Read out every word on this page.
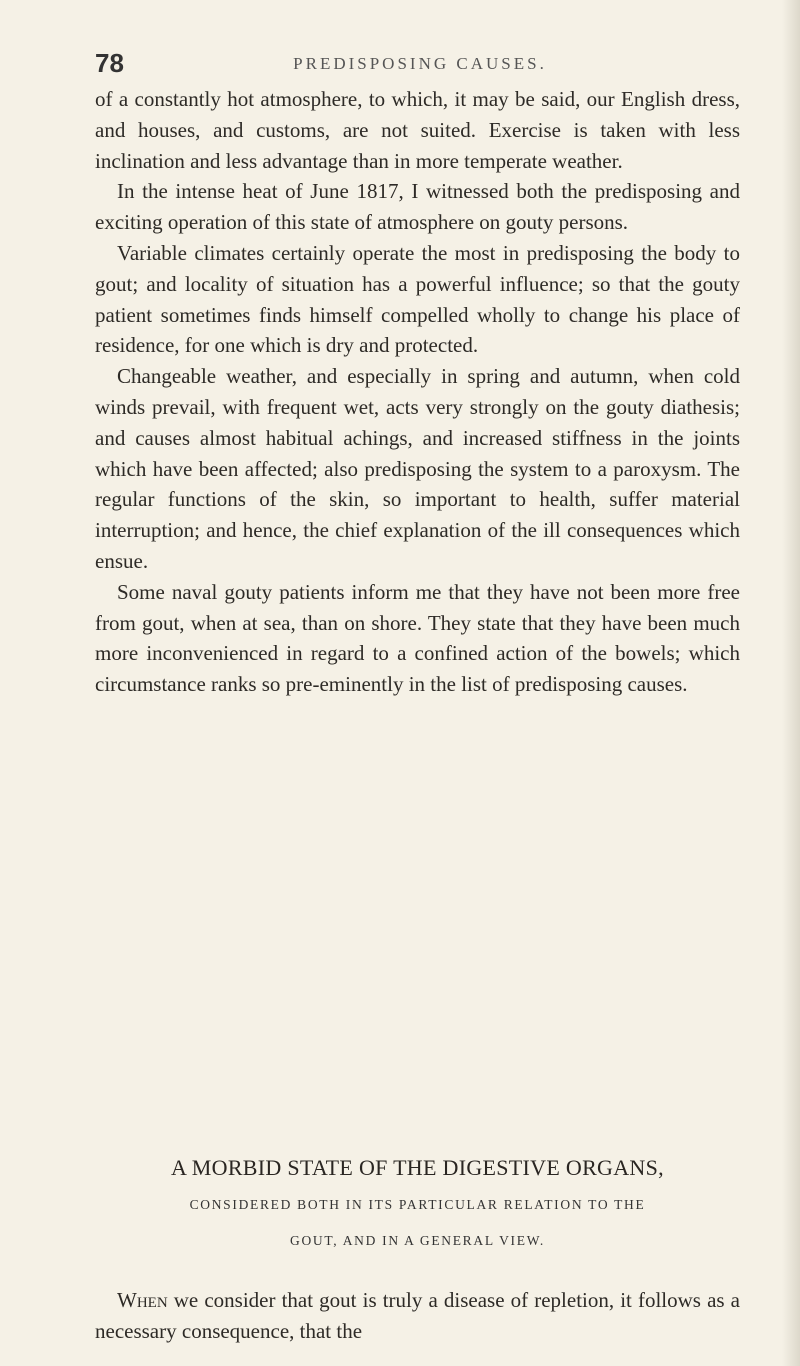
78	PREDISPOSING CAUSES.

of a constantly hot atmosphere, to which, it may be said, our English dress, and houses, and customs, are not suited. Exercise is taken with less inclination and less advantage than in more temperate weather.

In the intense heat of June 1817, I witnessed both the predisposing and exciting operation of this state of atmosphere on gouty persons.

Variable climates certainly operate the most in predisposing the body to gout; and locality of situation has a powerful influence; so that the gouty patient sometimes finds himself compelled wholly to change his place of residence, for one which is dry and protected.

Changeable weather, and especially in spring and autumn, when cold winds prevail, with frequent wet, acts very strongly on the gouty diathesis; and causes almost habitual achings, and increased stiffness in the joints which have been affected; also predisposing the system to a paroxysm. The regular functions of the skin, so important to health, suffer material interruption; and hence, the chief explanation of the ill consequences which ensue.

Some naval gouty patients inform me that they have not been more free from gout, when at sea, than on shore. They state that they have been much more inconvenienced in regard to a confined action of the bowels; which circumstance ranks so pre-eminently in the list of predisposing causes.

A MORBID STATE OF THE DIGESTIVE ORGANS,
CONSIDERED BOTH IN ITS PARTICULAR RELATION TO THE
GOUT, AND IN A GENERAL VIEW.

When we consider that gout is truly a disease of repletion, it follows as a necessary consequence, that the
